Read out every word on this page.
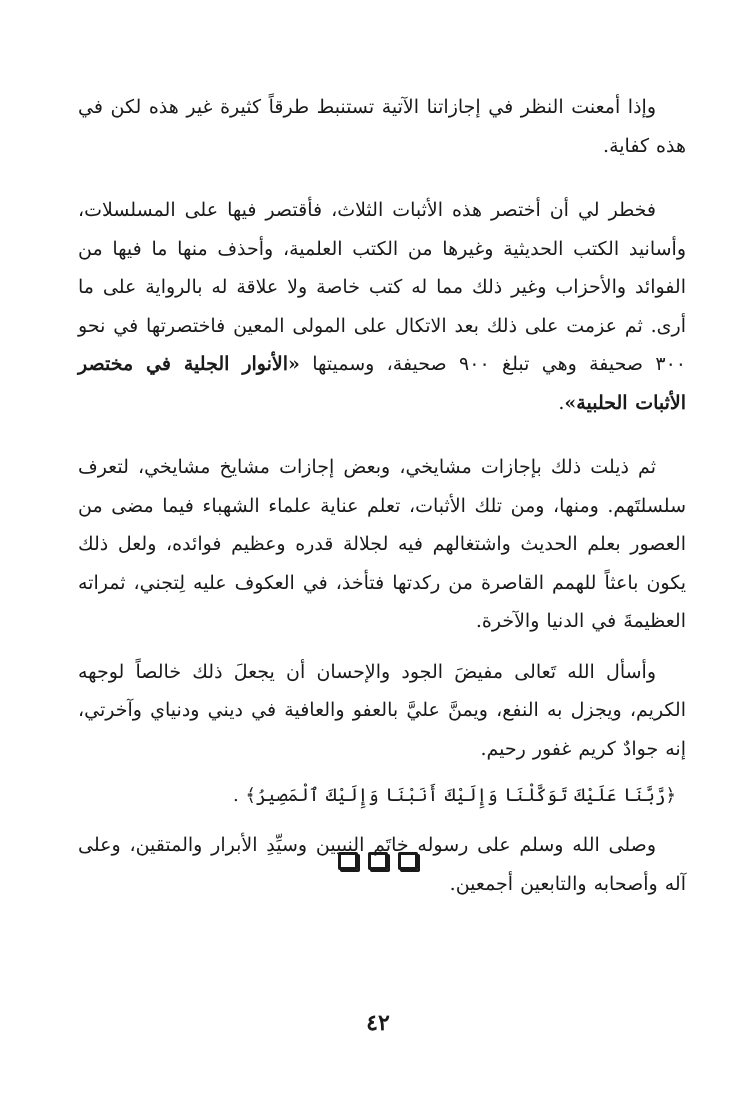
وإذا أمعنت النظر في إجازاتنا الآتية تستنبط طرقاً كثيرة غير هذه لكن في هذه كفاية.

فخطر لي أن أختصر هذه الأثبات الثلاث، فأقتصر فيها على المسلسلات، وأسانيد الكتب الحديثية وغيرها من الكتب العلمية، وأحذف منها ما فيها من الفوائد والأحزاب وغير ذلك مما له كتب خاصة ولا علاقة له بالرواية على ما أرى. ثم عزمت على ذلك بعد الاتكال على المولى المعين فاختصرتها في نحو ٣٠٠ صحيفة وهي تبلغ ٩٠٠ صحيفة، وسميتها «الأنوار الجلية في مختصر الأثبات الحلبية».

ثم ذيلت ذلك بإجازات مشايخي، وبعض إجازات مشايخ مشايخي، لتعرف سلسلتَهم. ومنها، ومن تلك الأثبات، تعلم عناية علماء الشهباء فيما مضى من العصور بعلم الحديث واشتغالهم فيه لجلالة قدره وعظيم فوائده، ولعل ذلك يكون باعثاً للهمم القاصرة من ركدتها فتأخذ، في العكوف عليه لِتجني، ثمراته العظيمةَ في الدنيا والآخرة.

وأسأل الله تَعالى مفيضَ الجود والإحسان أن يجعلَ ذلك خالصاً لوجهه الكريم، ويجزل به النفع، ويمنَّ عليَّ بالعفو والعافية في ديني ودنياي وآخرتي، إنه جوادٌ كريم غفور رحيم.

﴿رَّبَّنَا عَلَيْكَ تَوَكَّلْنَا وَإِلَيْكَ أَنَبْنَا وَإِلَيْكَ ٱلْمَصِيرُ﴾ .

وصلى الله وسلم على رسوله خاتَم النبيين وسيِّدِ الأبرار والمتقين، وعلى آله وأصحابه والتابعين أجمعين.

٤٢
